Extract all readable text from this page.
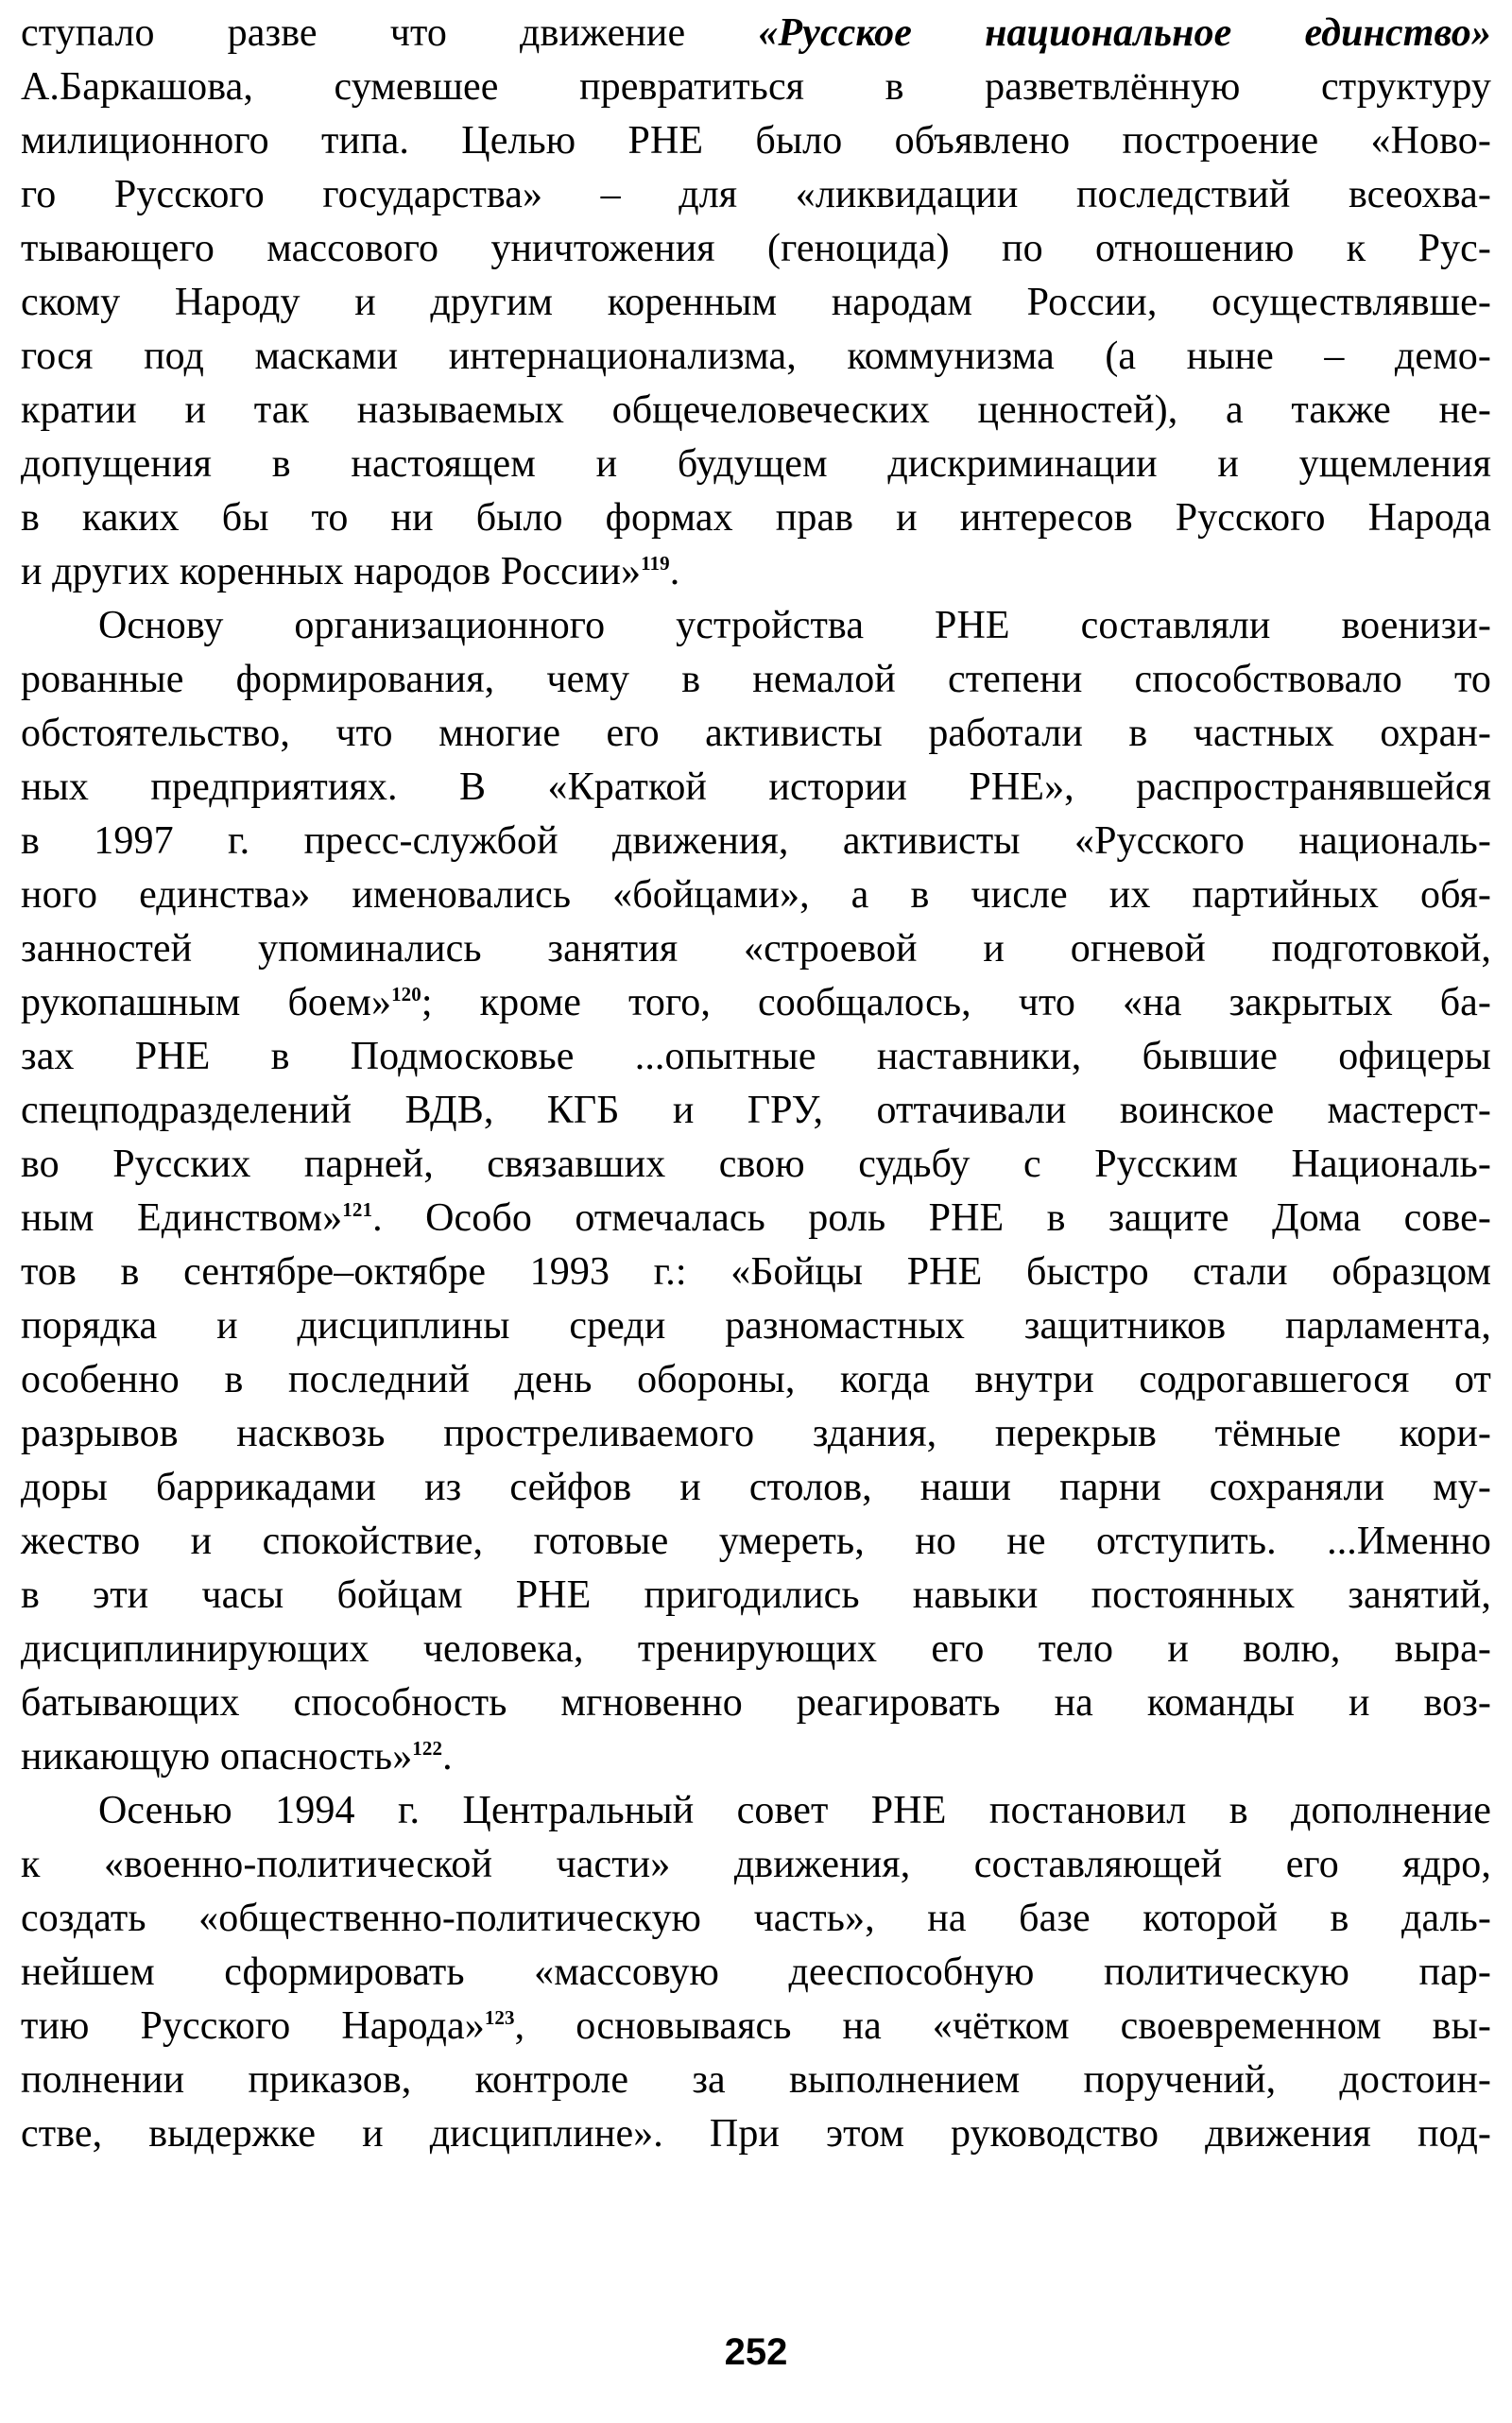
ступало разве что движение «Русское национальное единство»
А.Баркашова, сумевшее превратиться в разветвлённую структуру
милиционного типа. Целью РНЕ было объявлено построение «Ново-
го Русского государства» – для «ликвидации последствий всеохва-
тывающего массового уничтожения (геноцида) по отношению к Рус-
скому Народу и другим коренным народам России, осуществлявше-
гося под масками интернационализма, коммунизма (а ныне – демо-
кратии и так называемых общечеловеческих ценностей), а также не-
допущения в настоящем и будущем дискриминации и ущемления
в каких бы то ни было формах прав и интересов Русского Народа
и других коренных народов России»$^{119}$.
Основу организационного устройства РНЕ составляли военизи-
рованные формирования, чему в немалой степени способствовало то
обстоятельство, что многие его активисты работали в частных охран-
ных предприятиях. В «Краткой истории РНЕ», распространявшейся
в 1997 г. пресс-службой движения, активисты «Русского националь-
ного единства» именовались «бойцами», а в числе их партийных обя-
занностей упоминались занятия «строевой и огневой подготовкой,
рукопашным боем»$^{120}$; кроме того, сообщалось, что «на закрытых ба-
зах РНЕ в Подмосковье ...опытные наставники, бывшие офицеры
спецподразделений ВДВ, КГБ и ГРУ, оттачивали воинское мастерст-
во Русских парней, связавших свою судьбу с Русским Националь-
ным Единством»$^{121}$. Особо отмечалась роль РНЕ в защите Дома сове-
тов в сентябре–октябре 1993 г.: «Бойцы РНЕ быстро стали образцом
порядка и дисциплины среди разномастных защитников парламента,
особенно в последний день обороны, когда внутри содрогавшегося от
разрывов насквозь простреливаемого здания, перекрыв тёмные кори-
доры баррикадами из сейфов и столов, наши парни сохраняли му-
жество и спокойствие, готовые умереть, но не отступить. ...Именно
в эти часы бойцам РНЕ пригодились навыки постоянных занятий,
дисциплинирующих человека, тренирующих его тело и волю, выра-
батывающих способность мгновенно реагировать на команды и воз-
никающую опасность»$^{122}$.
Осенью 1994 г. Центральный совет РНЕ постановил в дополнение
к «военно-политической части» движения, составляющей его ядро,
создать «общественно-политическую часть», на базе которой в даль-
нейшем сформировать «массовую дееспособную политическую пар-
тию Русского Народа»$^{123}$, основываясь на «чётком своевременном вы-
полнении приказов, контроле за выполнением поручений, достоин-
стве, выдержке и дисциплине». При этом руководство движения под-
252
